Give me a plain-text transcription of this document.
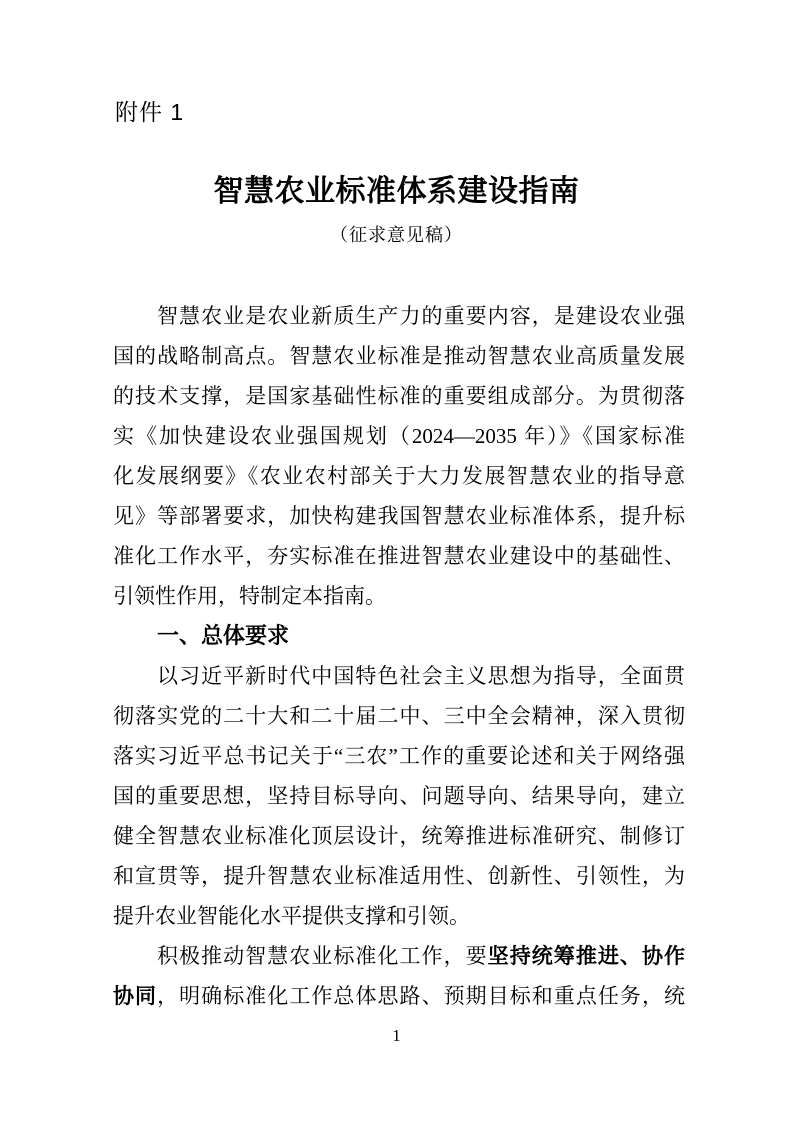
附件 1
智慧农业标准体系建设指南
（征求意见稿）
智慧农业是农业新质生产力的重要内容，是建设农业强
国的战略制高点。智慧农业标准是推动智慧农业高质量发展
的技术支撑，是国家基础性标准的重要组成部分。为贯彻落
实《加快建设农业强国规划（2024—2035 年）》《国家标准
化发展纲要》《农业农村部关于大力发展智慧农业的指导意
见》等部署要求，加快构建我国智慧农业标准体系，提升标
准化工作水平，夯实标准在推进智慧农业建设中的基础性、
引领性作用，特制定本指南。
一、总体要求
以习近平新时代中国特色社会主义思想为指导，全面贯
彻落实党的二十大和二十届二中、三中全会精神，深入贯彻
落实习近平总书记关于“三农”工作的重要论述和关于网络强
国的重要思想，坚持目标导向、问题导向、结果导向，建立
健全智慧农业标准化顶层设计，统筹推进标准研究、制修订
和宣贯等，提升智慧农业标准适用性、创新性、引领性，为
提升农业智能化水平提供支撑和引领。
积极推动智慧农业标准化工作，要坚持统筹推进、协作
协同，明确标准化工作总体思路、预期目标和重点任务，统
1
